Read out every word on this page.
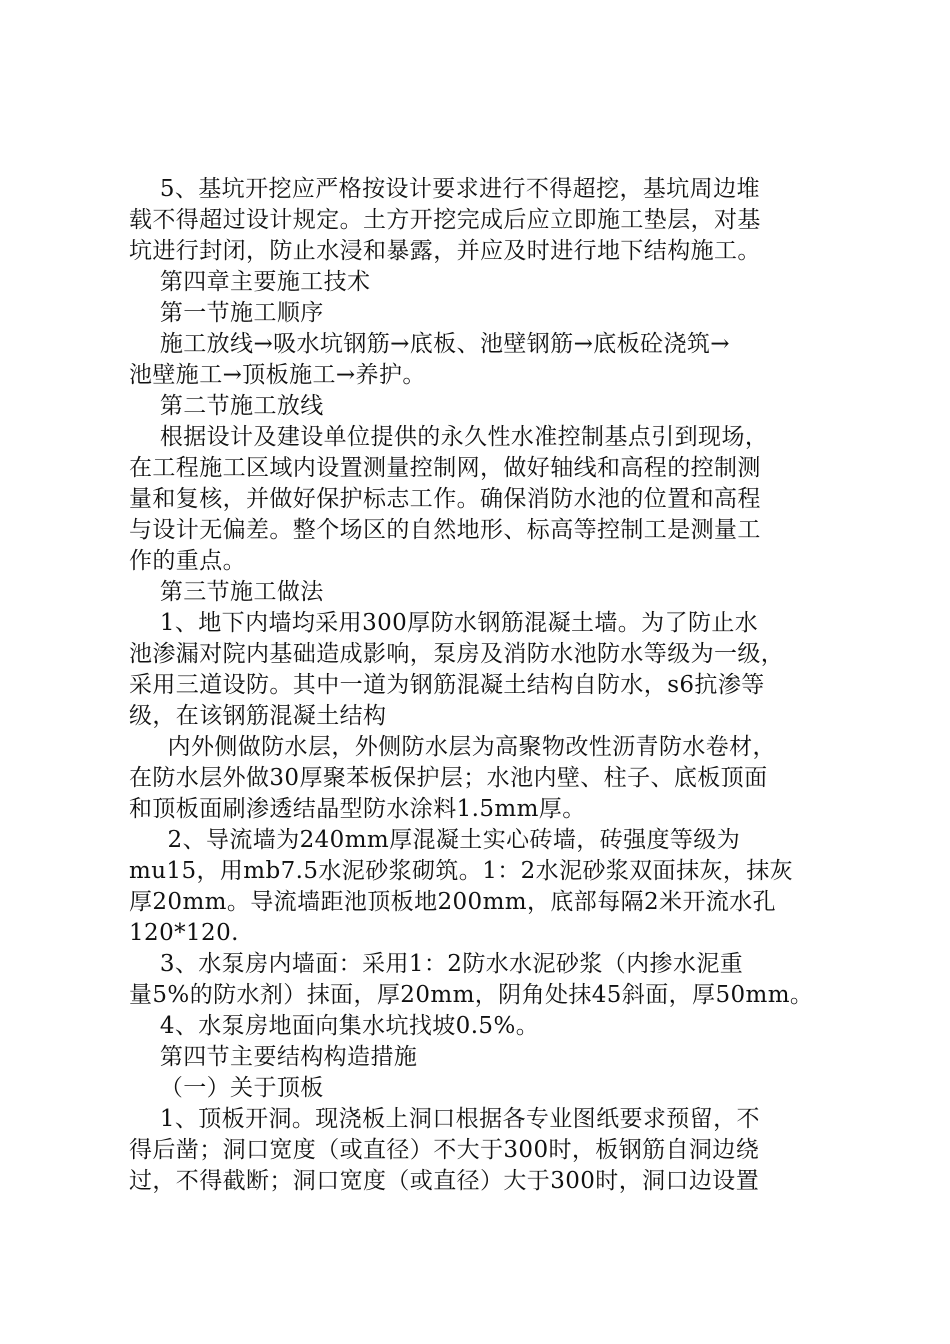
5、基坑开挖应严格按设计要求进行不得超挖，基坑周边堆
载不得超过设计规定。土方开挖完成后应立即施工垫层，对基
坑进行封闭，防止水浸和暴露，并应及时进行地下结构施工。
第四章主要施工技术
第一节施工顺序
施工放线→吸水坑钢筋→底板、池壁钢筋→底板砼浇筑→
池壁施工→顶板施工→养护。
第二节施工放线
根据设计及建设单位提供的永久性水准控制基点引到现场，
在工程施工区域内设置测量控制网，做好轴线和高程的控制测
量和复核，并做好保护标志工作。确保消防水池的位置和高程
与设计无偏差。整个场区的自然地形、标高等控制工是测量工
作的重点。
第三节施工做法
1、地下内墙均采用300厚防水钢筋混凝土墙。为了防止水
池渗漏对院内基础造成影响，泵房及消防水池防水等级为一级，
采用三道设防。其中一道为钢筋混凝土结构自防水，s6抗渗等
级，在该钢筋混凝土结构
内外侧做防水层，外侧防水层为高聚物改性沥青防水卷材，
在防水层外做30厚聚苯板保护层；水池内壁、柱子、底板顶面
和顶板面刷渗透结晶型防水涂料1.5mm厚。
2、导流墙为240mm厚混凝土实心砖墙，砖强度等级为
mu15，用mb7.5水泥砂浆砌筑。1：2水泥砂浆双面抹灰，抹灰
厚20mm。导流墙距池顶板地200mm，底部每隔2米开流水孔
120*120.
3、水泵房内墙面：采用1：2防水水泥砂浆（内掺水泥重
量5%的防水剂）抹面，厚20mm，阴角处抹45斜面，厚50mm。
4、水泵房地面向集水坑找坡0.5%。
第四节主要结构构造措施
（一）关于顶板
1、顶板开洞。现浇板上洞口根据各专业图纸要求预留，不
得后凿；洞口宽度（或直径）不大于300时，板钢筋自洞边绕
过，不得截断；洞口宽度（或直径）大于300时，洞口边设置
